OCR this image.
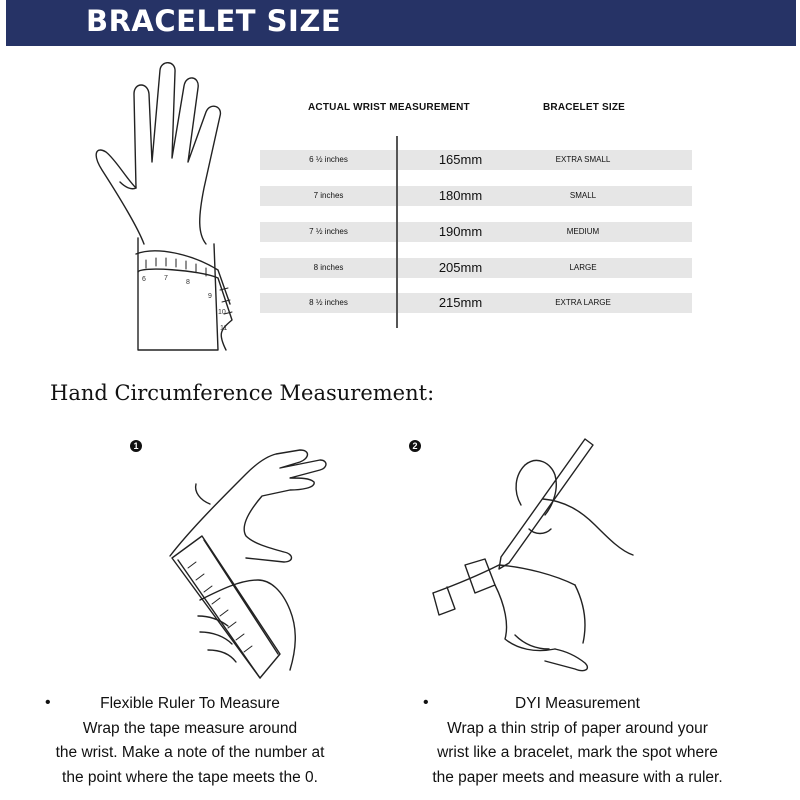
BRACELET SIZE
6	7
8
9
10
11
ACTUAL WRIST MEASUREMENT	BRACELET SIZE
6 ½ inches	165mm	EXTRA SMALL
7 inches	180mm	SMALL
7 ½ inches	190mm	MEDIUM
8 inches	205mm	LARGE
8 ½ inches	215mm	EXTRA LARGE
Hand Circumference Measurement:
1	2
•	Flexible Ruler To Measure
Wrap the tape measure around
the wrist. Make a note of the number at
the point where the tape meets the 0.
•	DYI Measurement
Wrap a thin strip of paper around your
wrist like a bracelet, mark the spot where
the paper meets and measure with a ruler.
